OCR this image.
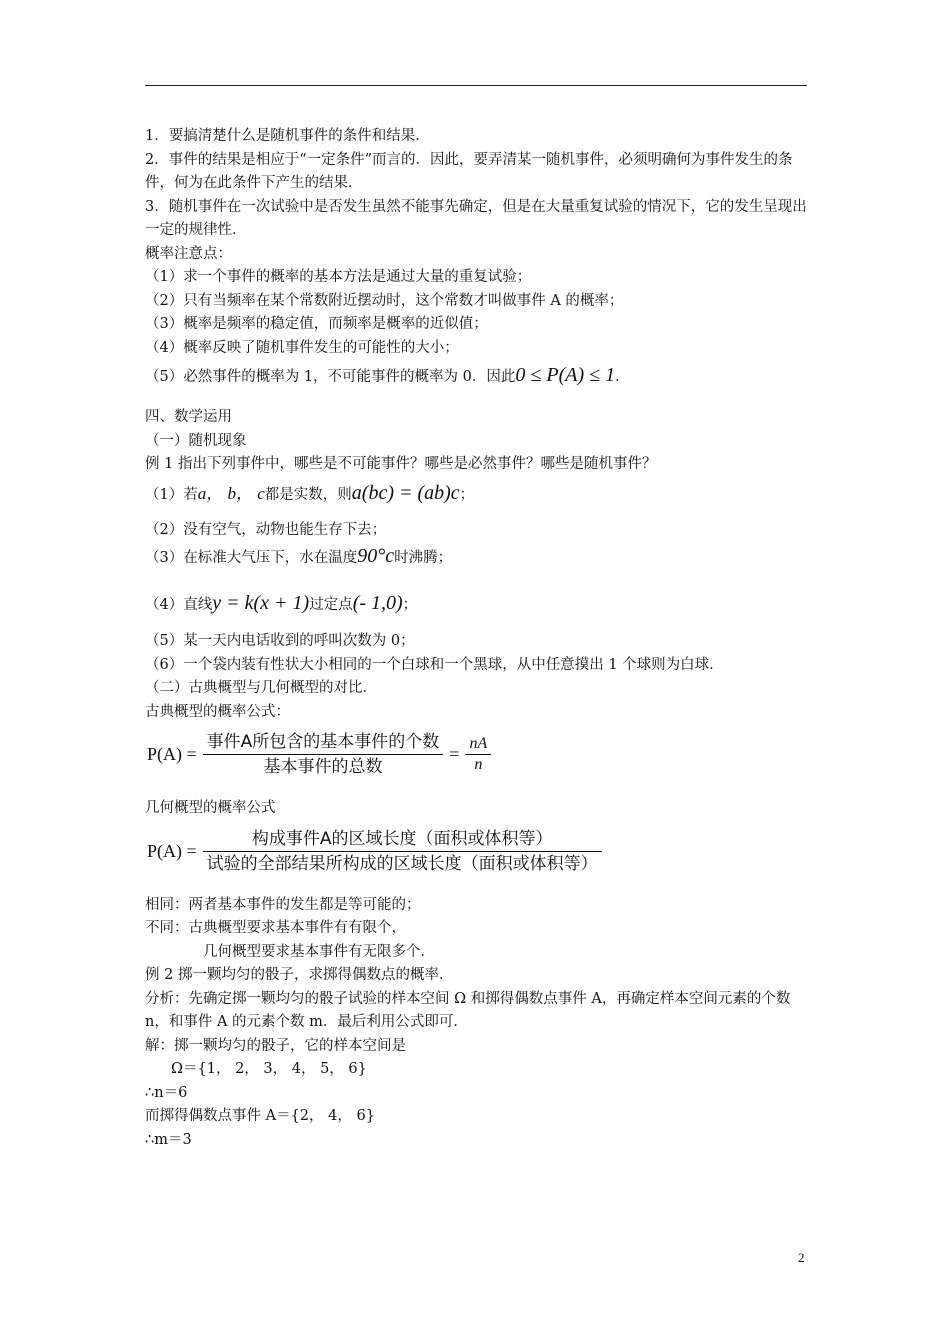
1．要搞清楚什么是随机事件的条件和结果．
2．事件的结果是相应于“一定条件”而言的．因此，要弄清某一随机事件，必须明确何为事件发生的条件，何为在此条件下产生的结果．
3．随机事件在一次试验中是否发生虽然不能事先确定，但是在大量重复试验的情况下，它的发生呈现出一定的规律性．
概率注意点：
（1）求一个事件的概率的基本方法是通过大量的重复试验；
（2）只有当频率在某个常数附近摆动时，这个常数才叫做事件 A 的概率；
（3）概率是频率的稳定值，而频率是概率的近似值；
（4）概率反映了随机事件发生的可能性的大小；
（5）必然事件的概率为 1，不可能事件的概率为 0．因此0 ≤ P(A) ≤ 1．
四、数学运用
（一）随机现象
例 1 指出下列事件中，哪些是不可能事件？哪些是必然事件？哪些是随机事件？
（1）若a， b， c都是实数，则a(bc) = (ab)c；
（2）没有空气，动物也能生存下去；
（3）在标准大气压下，水在温度90°c时沸腾；
（4）直线y = k(x + 1)过定点(- 1,0)；
（5）某一天内电话收到的呼叫次数为 0；
（6）一个袋内装有性状大小相同的一个白球和一个黑球，从中任意摸出 1 个球则为白球．
（二）古典概型与几何概型的对比．
古典概型的概率公式：
$P(A) = \frac{\text{事件A所包含的基本事件的个数}}{\text{基本事件的总数}} = \frac{nA}{n}$
几何概型的概率公式
$P(A) = \frac{\text{构成事件A的区域长度（面积或体积等）}}{\text{试验的全部结果所构成的区域长度（面积或体积等）}}$
相同：两者基本事件的发生都是等可能的；
不同：古典概型要求基本事件有有限个，
几何概型要求基本事件有无限多个．
例 2 掷一颗均匀的骰子，求掷得偶数点的概率．
分析：先确定掷一颗均匀的骰子试验的样本空间 Ω 和掷得偶数点事件 A，再确定样本空间元素的个数 n，和事件 A 的元素个数 m．最后利用公式即可．
解：掷一颗均匀的骰子，它的样本空间是
Ω＝{1， 2， 3， 4， 5， 6}
∴n＝6
而掷得偶数点事件 A＝{2， 4， 6}
∴m＝3
2
